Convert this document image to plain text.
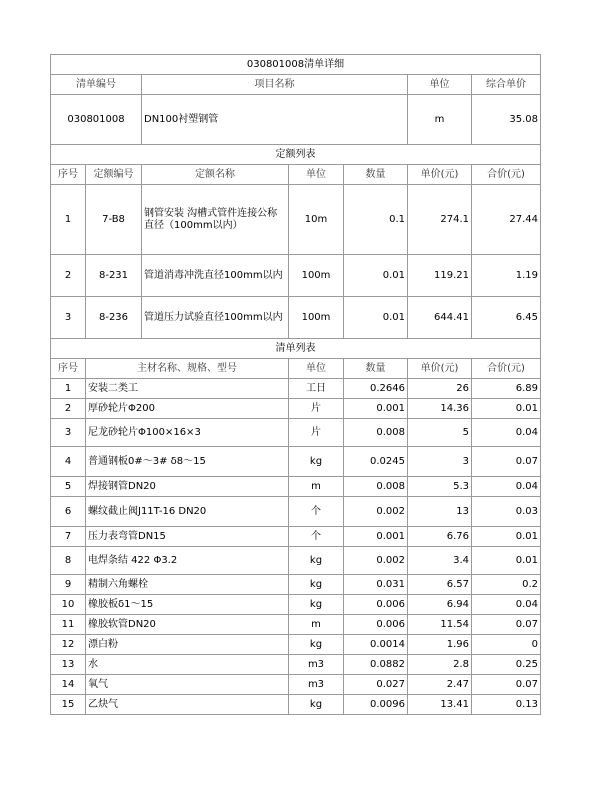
030801008清单详细			
清单编号	项目名称	单位	综合单价
030801008	DN100衬塑钢管	m	35.08
定额列表						
序号	定额编号	定额名称	单位	数量	单价(元)	合价(元)
1	7-B8	钢管安装 沟槽式管件连接公称直径（100mm以内）	10m	0.1	274.1	27.44
2	8-231	管道消毒冲洗直径100mm以内	100m	0.01	119.21	1.19
3	8-236	管道压力试验直径100mm以内	100m	0.01	644.41	6.45
清单列表					
序号	主材名称、规格、型号	单位	数量	单价(元)	合价(元)
1	安装二类工	工日	0.2646	26	6.89
2	厚砂轮片Φ200	片	0.001	14.36	0.01
3	尼龙砂轮片Φ100×16×3	片	0.008	5	0.04
4	普通钢板0#～3# δ8～15	kg	0.0245	3	0.07
5	焊接钢管DN20	m	0.008	5.3	0.04
6	螺纹截止阀J11T-16 DN20	个	0.002	13	0.03
7	压力表弯管DN15	个	0.001	6.76	0.01
8	电焊条结 422 Φ3.2	kg	0.002	3.4	0.01
9	精制六角螺栓	kg	0.031	6.57	0.2
10	橡胶板δ1～15	kg	0.006	6.94	0.04
11	橡胶软管DN20	m	0.006	11.54	0.07
12	漂白粉	kg	0.0014	1.96	0
13	水	m3	0.0882	2.8	0.25
14	氧气	m3	0.027	2.47	0.07
15	乙炔气	kg	0.0096	13.41	0.13
